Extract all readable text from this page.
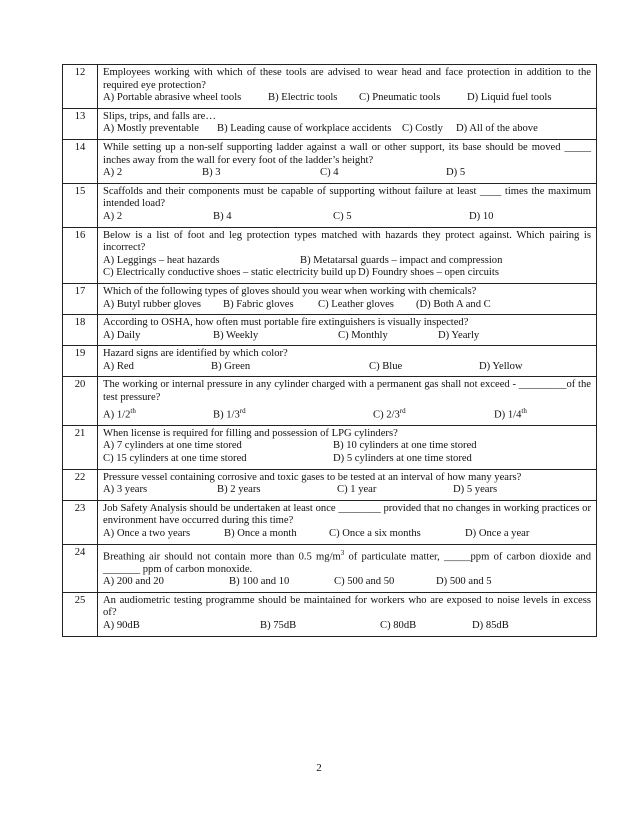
12	Employees working with which of these tools are advised to wear head and face protection in addition to the required eye protection?
A) Portable abrasive wheel tools B) Electric tools C) Pneumatic tools D) Liquid fuel tools

13	Slips, trips, and falls are…
A) Mostly preventable B) Leading cause of workplace accidents C) Costly D) All of the above

14	While setting up a non-self supporting ladder against a wall or other support, its base should be moved _____ inches away from the wall for every foot of the ladder’s height?
A) 2 B) 3 C) 4 D) 5

15	Scaffolds and their components must be capable of supporting without failure at least ____ times the maximum intended load?
A) 2 B) 4 C) 5 D) 10

16	Below is a list of foot and leg protection types matched with hazards they protect against. Which pairing is incorrect?
A) Leggings – heat hazards B) Metatarsal guards – impact and compression
C) Electrically conductive shoes – static electricity build up D) Foundry shoes – open circuits

17	Which of the following types of gloves should you wear when working with chemicals?
A) Butyl rubber gloves B) Fabric gloves C) Leather gloves (D) Both A and C

18	According to OSHA, how often must portable fire extinguishers is visually inspected?
A) Daily B) Weekly C) Monthly D) Yearly

19	Hazard signs are identified by which color?
A) Red B) Green C) Blue D) Yellow

20	The working or internal pressure in any cylinder charged with a permanent gas shall not exceed - _________of the test pressure?
A) 1/2th B) 1/3rd C) 2/3rd D) 1/4th

21	When license is required for filling and possession of LPG cylinders?
A) 7 cylinders at one time stored B) 10 cylinders at one time stored
C) 15 cylinders at one time stored D) 5 cylinders at one time stored

22	Pressure vessel containing corrosive and toxic gases to be tested at an interval of how many years?
A) 3 years B) 2 years C) 1 year D) 5 years

23	Job Safety Analysis should be undertaken at least once ________ provided that no changes in working practices or environment have occurred during this time?
A) Once a two years B) Once a month C) Once a six months D) Once a year

24	Breathing air should not contain more than 0.5 $mg/m^3$ of particulate matter, _____ppm of carbon dioxide and _______ ppm of carbon monoxide.
A) 200 and 20 B) 100 and 10 C) 500 and 50 D) 500 and 5

25	An audiometric testing programme should be maintained for workers who are exposed to noise levels in excess of?
A) 90dB B) 75dB C) 80dB D) 85dB
2
